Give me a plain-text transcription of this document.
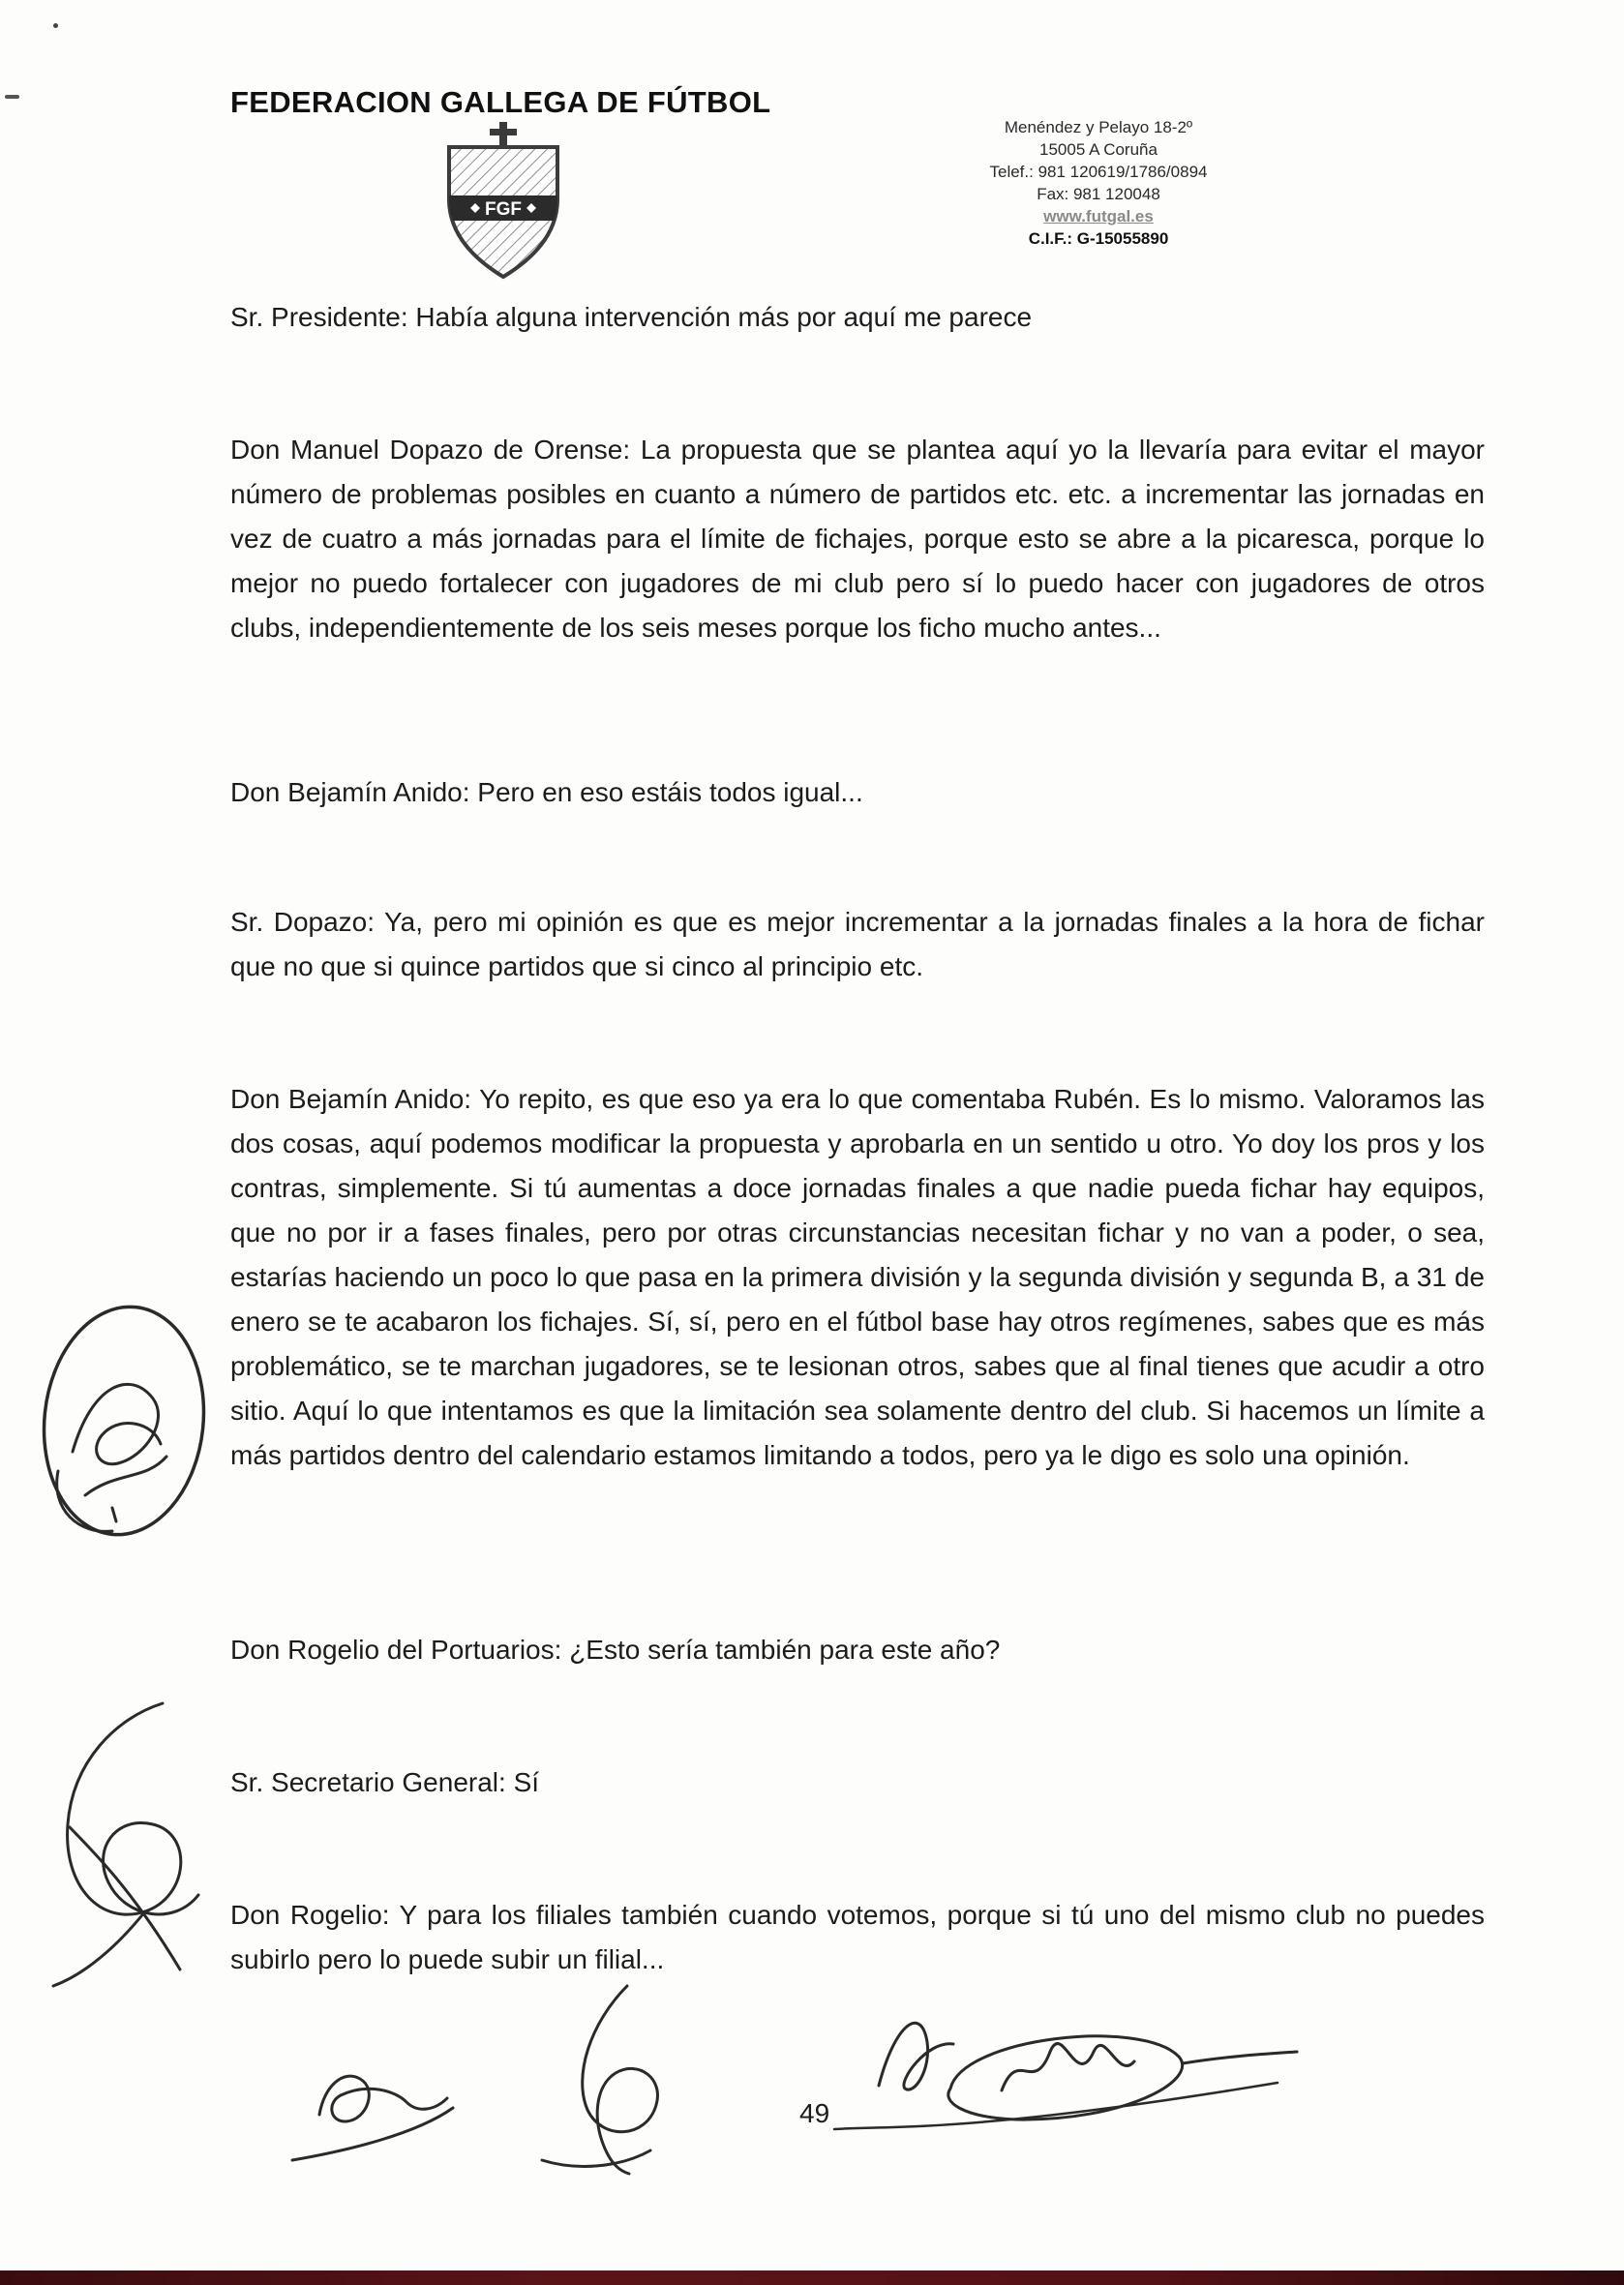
FEDERACION GALLEGA DE FÚTBOL
FGF
Menéndez y Pelayo 18-2º
15005 A Coruña
Telef.: 981 120619/1786/0894
Fax: 981 120048
www.futgal.es
C.I.F.: G-15055890

Sr. Presidente: Había alguna intervención más por aquí me parece

Don Manuel Dopazo de Orense: La propuesta que se plantea aquí yo la llevaría para evitar el mayor número de problemas posibles en cuanto a número de partidos etc. etc. a incrementar las jornadas en vez de cuatro a más jornadas para el límite de fichajes, porque esto se abre a la picaresca, porque lo mejor no puedo fortalecer con jugadores de mi club pero sí lo puedo hacer con jugadores de otros clubs, independientemente de los seis meses porque los ficho mucho antes...

Don Bejamín Anido: Pero en eso estáis todos igual...

Sr. Dopazo: Ya, pero mi opinión es que es mejor incrementar a la jornadas finales a la hora de fichar que no que si quince partidos que si cinco al principio etc.

Don Bejamín Anido: Yo repito, es que eso ya era lo que comentaba Rubén. Es lo mismo. Valoramos las dos cosas, aquí podemos modificar la propuesta y aprobarla en un sentido u otro. Yo doy los pros y los contras, simplemente. Si tú aumentas a doce jornadas finales a que nadie pueda fichar hay equipos, que no por ir a fases finales, pero por otras circunstancias necesitan fichar y no van a poder, o sea, estarías haciendo un poco lo que pasa en la primera división y la segunda división y segunda B, a 31 de enero se te acabaron los fichajes. Sí, sí, pero en el fútbol base hay otros regímenes, sabes que es más problemático, se te marchan jugadores, se te lesionan otros, sabes que al final tienes que acudir a otro sitio. Aquí lo que intentamos es que la limitación sea solamente dentro del club. Si hacemos un límite a más partidos dentro del calendario estamos limitando a todos, pero ya le digo es solo una opinión.

Don Rogelio del Portuarios: ¿Esto sería también para este año?

Sr. Secretario General: Sí

Don Rogelio: Y para los filiales también cuando votemos, porque si tú uno del mismo club no puedes subirlo pero lo puede subir un filial...

49
